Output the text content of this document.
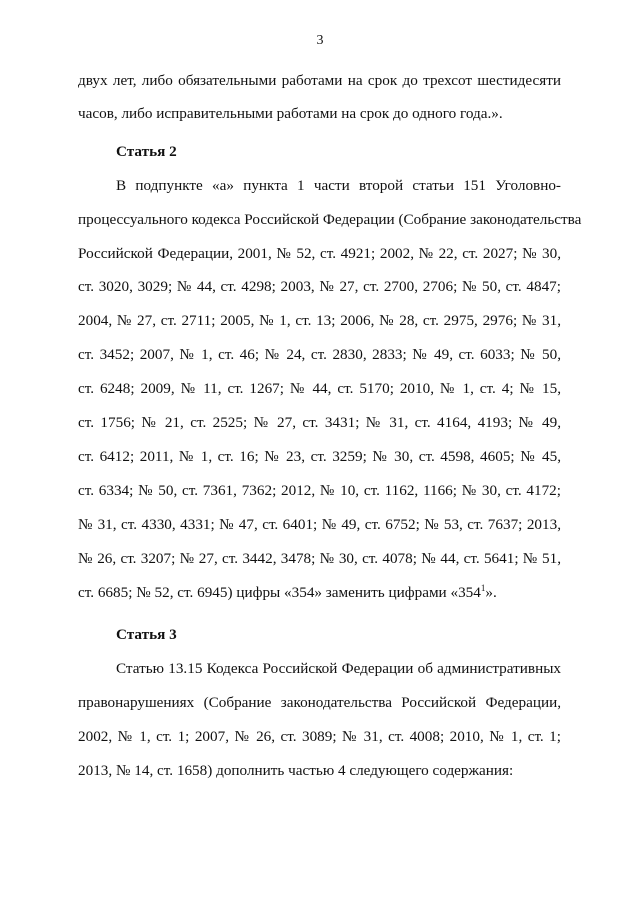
3
двух лет, либо обязательными работами на срок до трехсот шестидесяти
часов, либо исправительными работами на срок до одного года.».
Статья 2
В подпункте «а» пункта 1 части второй статьи 151 Уголовно-
процессуального кодекса Российской Федерации (Собрание законодательства
Российской Федерации, 2001, № 52, ст. 4921; 2002, № 22, ст. 2027; № 30,
ст. 3020, 3029; № 44, ст. 4298; 2003, № 27, ст. 2700, 2706; № 50, ст. 4847;
2004, № 27, ст. 2711; 2005, № 1, ст. 13; 2006, № 28, ст. 2975, 2976; № 31,
ст. 3452; 2007, № 1, ст. 46; № 24, ст. 2830, 2833; № 49, ст. 6033; № 50,
ст. 6248; 2009, № 11, ст. 1267; № 44, ст. 5170; 2010, № 1, ст. 4; № 15,
ст. 1756; № 21, ст. 2525; № 27, ст. 3431; № 31, ст. 4164, 4193; № 49,
ст. 6412; 2011, № 1, ст. 16; № 23, ст. 3259; № 30, ст. 4598, 4605; № 45,
ст. 6334; № 50, ст. 7361, 7362; 2012, № 10, ст. 1162, 1166; № 30, ст. 4172;
№ 31, ст. 4330, 4331; № 47, ст. 6401; № 49, ст. 6752; № 53, ст. 7637; 2013,
№ 26, ст. 3207; № 27, ст. 3442, 3478; № 30, ст. 4078; № 44, ст. 5641; № 51,
ст. 6685; № 52, ст. 6945) цифры «354» заменить цифрами «$354^1$».
Статья 3
Статью 13.15 Кодекса Российской Федерации об административных
правонарушениях (Собрание законодательства Российской Федерации,
2002, № 1, ст. 1; 2007, № 26, ст. 3089; № 31, ст. 4008; 2010, № 1, ст. 1;
2013, № 14, ст. 1658) дополнить частью 4 следующего содержания:
